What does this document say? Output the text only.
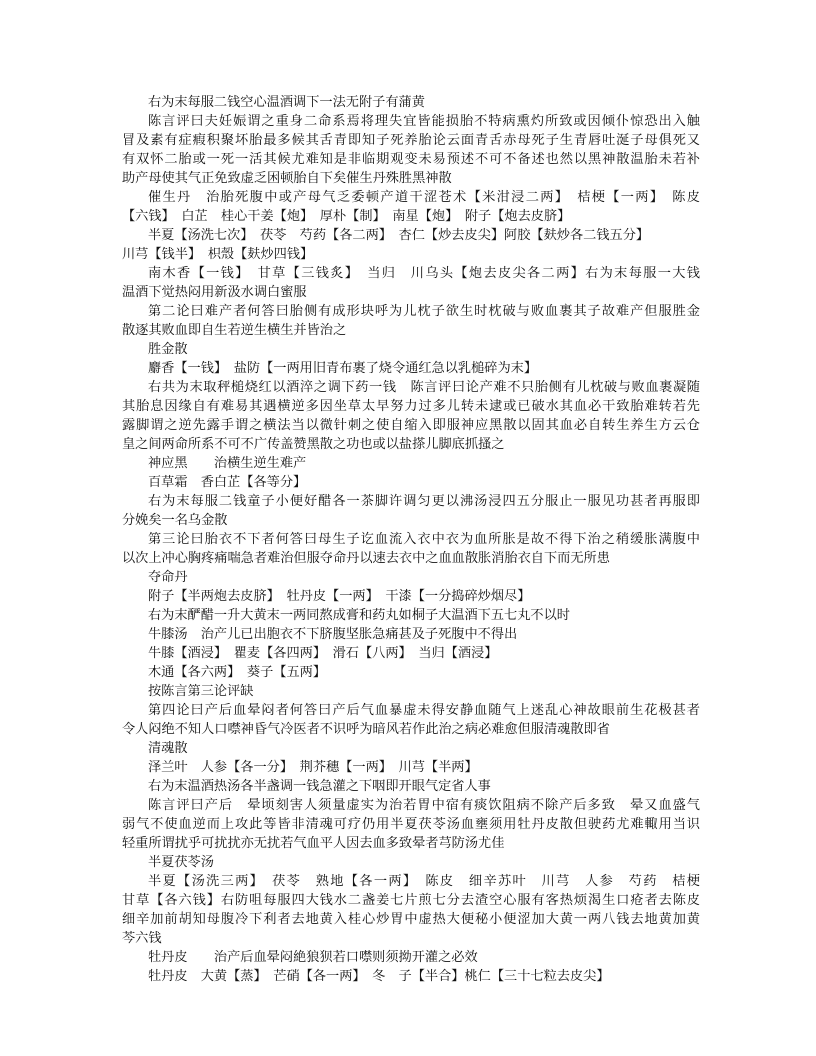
右为末每服二钱空心温酒调下一法无附子有蒲黄
陈言评曰夫妊娠谓之重身二命系焉将理失宜皆能损胎不特病熏灼所致或因倾仆惊恐出入触
冒及素有症瘕积聚坏胎最多候其舌青即知子死养胎论云面青舌赤母死子生青唇吐涎子母俱死又
有双怀二胎或一死一活其候尤难知是非临期观变未易预述不可不备述也然以黑神散温胎未若补
助产母使其气正免致虚乏困顿胎自下矣催生丹殊胜黑神散
催生丹　治胎死腹中或产母气乏委顿产道干涩苍术【米泔浸二两】　桔梗【一两】　陈皮
【六钱】　白芷　桂心干姜【炮】　厚朴【制】　南星【炮】　附子【炮去皮脐】
半夏【汤洗七次】　茯苓　芍药【各二两】　杏仁【炒去皮尖】阿胶【麸炒各二钱五分】
川芎【钱半】　枳殼【麸炒四钱】
南木香【一钱】　甘草【三钱炙】　当归　川乌头【炮去皮尖各二两】右为末每服一大钱
温酒下觉热闷用新汲水调白蜜服
第二论曰难产者何答曰胎侧有成形块呼为儿枕子欲生时枕破与败血裹其子故难产但服胜金
散逐其败血即自生若逆生横生并皆治之
胜金散
麝香【一钱】　盐防【一两用旧青布裹了烧令通红急以乳槌碎为末】
右共为末取秤槌烧红以酒淬之调下药一钱　陈言评曰论产难不只胎侧有儿枕破与败血裹凝随
其胎息因缘自有难易其遇横逆多因坐草太早努力过多儿转未逮或已破水其血必干致胎难转若先
露脚谓之逆先露手谓之横法当以微针刺之使自缩入即服神应黑散以固其血必自转生养生方云仓
皇之间两命所系不可不广传盖赞黑散之功也或以盐搽儿脚底抓搔之
神应黑　　治横生逆生难产
百草霜　香白芷【各等分】
右为末每服二钱童子小便好醋各一茶脚许调匀更以沸汤浸四五分服止一服见功甚者再服即
分娩矣一名乌金散
第三论曰胎衣不下者何答曰母生子讫血流入衣中衣为血所胀是故不得下治之稍缓胀满腹中
以次上冲心胸疼痛喘急者难治但服夺命丹以速去衣中之血血散胀消胎衣自下而无所患
夺命丹
附子【半两炮去皮脐】　牡丹皮【一两】　干漆【一分捣碎炒烟尽】
右为末酽醋一升大黄末一两同熬成膏和药丸如桐子大温酒下五七丸不以时
牛膝汤　治产儿已出胞衣不下脐腹坚胀急痛甚及子死腹中不得出
牛膝【酒浸】　瞿麦【各四两】　滑石【八两】　当归【酒浸】
木通【各六两】　葵子【五两】
按陈言第三论评缺
第四论曰产后血晕闷者何答曰产后气血暴虚未得安静血随气上迷乱心神故眼前生花极甚者
令人闷绝不知人口噤神昏气冷医者不识呼为暗风若作此治之病必难愈但服清魂散即省
清魂散
泽兰叶　人参【各一分】　荆芥穗【一两】　川芎【半两】
右为末温酒热汤各半盏调一钱急灌之下咽即开眼气定省人事
陈言评曰产后　晕顷刻害人须量虚实为治若胃中宿有痰饮阻病不除产后多致　晕又血盛气
弱气不使血逆而上攻此等皆非清魂可疗仍用半夏茯苓汤血壅须用牡丹皮散但驶药尤难輙用当识
轻重所谓扰乎可扰扰亦无扰若气血平人因去血多致晕者芎防汤尤佳
半夏茯苓汤
半夏【汤洗三两】　茯苓　熟地【各一两】　陈皮　细辛苏叶　川芎　人参　芍药　桔梗
甘草【各六钱】右防咀每服四大钱水二盏姜七片煎七分去渣空心服有客热烦渴生口疮者去陈皮
细辛加前胡知母腹冷下利者去地黄入桂心炒胃中虚热大便秘小便涩加大黄一两八钱去地黄加黄
芩六钱
牡丹皮　　治产后血晕闷絶狼狈若口噤则须拗开灌之必效
牡丹皮　大黄【蒸】　芒硝【各一两】　冬　子【半合】桃仁【三十七粒去皮尖】
